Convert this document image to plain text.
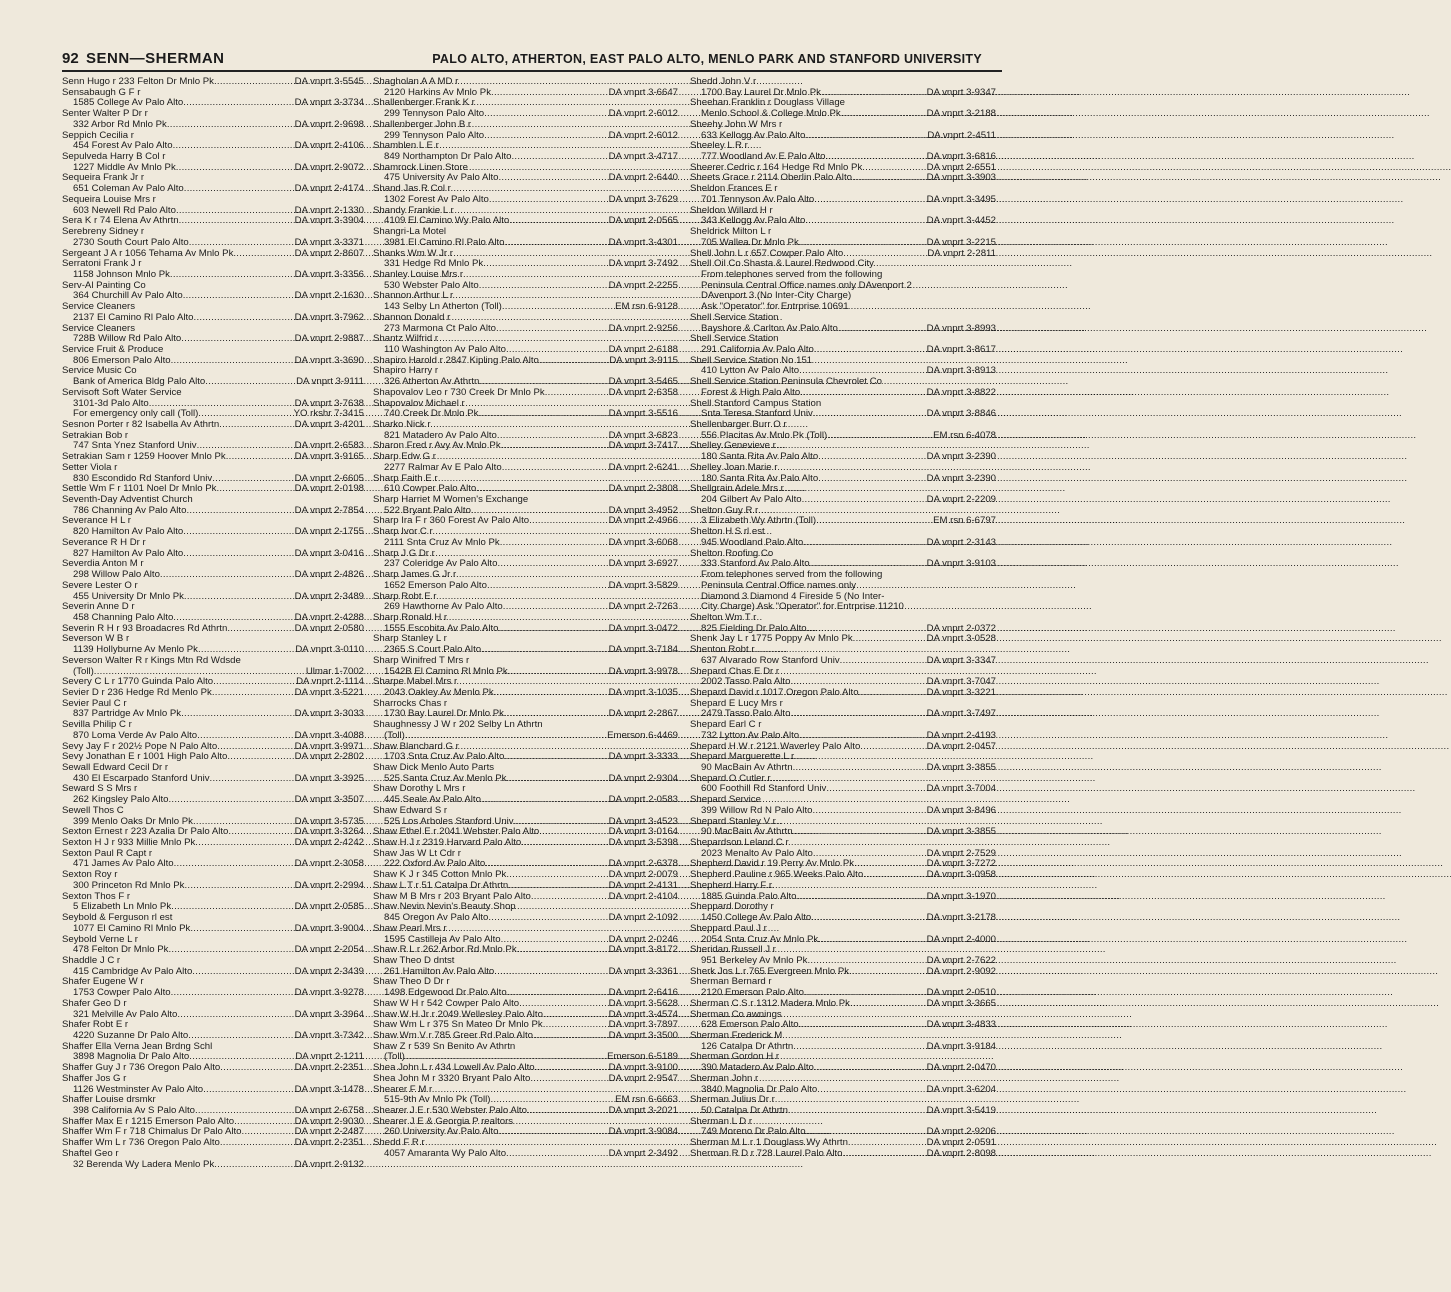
92 SENN—SHERMAN	PALO ALTO, ATHERTON, EAST PALO ALTO, MENLO PARK AND STANFORD UNIVERSITY
Senn Hugo r 233 Felton Dr Mnlo Pk . . .	DA vnprt 3-5545
Sensabaugh G F r
1585 College Av Palo Alto . . .	DA vnprt 3-3734
Senter Walter P Dr r
332 Arbor Rd Mnlo Pk . . .	DA vnprt 2-9698
Seppich Cecilia r
454 Forest Av Palo Alto . . .	DA vnprt 2-4106
Sepulveda Harry B Col r
1227 Middle Av Mnlo Pk . . .	DA vnprt 2-9072
Sequeira Frank Jr r
651 Coleman Av Palo Alto . . .	DA vnprt 2-4174
Sequeira Louise Mrs r
603 Newell Rd Palo Alto . . .	DA vnprt 2-1330
Sera K r 74 Elena Av Athrtn . . .	DA vnprt 3-3904
Serebreny Sidney r
2730 South Court Palo Alto . . .	DA vnprt 3-3371
Sergeant J A r 1056 Tehama Av Mnlo Pk . . .	DA vnprt 2-8607
Serratoni Frank J r
1158 Johnson Mnlo Pk . . .	DA vnprt 3-3356
Serv-Al Painting Co
364 Churchill Av Palo Alto . . .	DA vnprt 2-1630
Service Cleaners
2137 El Camino Rl Palo Alto . . .	DA vnprt 3-7962
Service Cleaners
728B Willow Rd Palo Alto . . .	DA vnprt 2-9887
Service Fruit & Produce
806 Emerson Palo Alto . . .	DA vnprt 3-3690
Service Music Co
Bank of America Bldg Palo Alto . . .	DA vnprt 3-9111
Servisoft Soft Water Service
3101-3d Palo Alto . . .	DA vnprt 3-7638
For emergency only call (Toll) . . .	YO rkshr 7-3415
Sesnon Porter r 82 Isabella Av Athrtn . . .	DA vnprt 3-4201
Setrakian Bob r
747 Snta Ynez Stanford Univ . . .	DA vnprt 2-6583
Setrakian Sam r 1259 Hoover Mnlo Pk . . .	DA vnprt 3-9165
Setter Viola r
830 Escondido Rd Stanford Univ . . .	DA vnprt 2-6605
Settle Wm F r 1101 Noel Dr Mnlo Pk . . .	DA vnprt 2-0198
Seventh-Day Adventist Church
786 Channing Av Palo Alto . . .	DA vnprt 2-7854
Severance H L r
820 Hamilton Av Palo Alto . . .	DA vnprt 2-1755
Severance R H Dr r
827 Hamilton Av Palo Alto . . .	DA vnprt 3-0416
Severdia Anton M r
298 Willow Palo Alto . . .	DA vnprt 2-4826
Severe Lester O r
455 University Dr Mnlo Pk . . .	DA vnprt 2-3489
Severin Anne D r
458 Channing Palo Alto . . .	DA vnprt 2-4288
Severin R H r 93 Broadacres Rd Athrtn . . .	DA vnprt 2-0580
Severson W B r
1139 Hollyburne Av Menlo Pk . . .	DA vnprt 3-0110
Severson Walter R r Kings Mtn Rd Wdsde
(Toll) . . .	Ulmar 1-7002
Severy C L r 1770 Guinda Palo Alto . . .	DA vnprt 2-1114
Sevier D r 236 Hedge Rd Menlo Pk . . .	DA vnprt 3-5221
Sevier Paul C r
837 Partridge Av Mnlo Pk . . .	DA vnprt 3-3033
Sevilla Philip C r
870 Loma Verde Av Palo Alto . . .	DA vnprt 3-4088
Sevy Jay F r 202½ Pope N Palo Alto . . .	DA vnprt 3-9971
Sevy Jonathan E r 1001 High Palo Alto . . .	DA vnprt 2-2802
Sewall Edward Cecil Dr r
430 El Escarpado Stanford Univ . . .	DA vnprt 3-3925
Seward S S Mrs r
262 Kingsley Palo Alto . . .	DA vnprt 3-3507
Sewell Thos C
399 Menlo Oaks Dr Mnlo Pk . . .	DA vnprt 3-5735
Sexton Ernest r 223 Azalia Dr Palo Alto . . .	DA vnprt 3-3264
Sexton H J r 933 Millie Mnlo Pk . . .	DA vnprt 2-4242
Sexton Paul R Capt r
471 James Av Palo Alto . . .	DA vnprt 2-3058
Sexton Roy r
300 Princeton Rd Mnlo Pk . . .	DA vnprt 2-2994
Sexton Thos F r
5 Elizabeth Ln Mnlo Pk . . .	DA vnprt 2-0585
Seybold & Ferguson rl est
1077 El Camino Rl Mnlo Pk . . .	DA vnprt 3-9004
Seybold Verne L r
478 Felton Dr Mnlo Pk . . .	DA vnprt 2-2054
Shaddle J C r
415 Cambridge Av Palo Alto . . .	DA vnprt 2-3439
Shafer Eugene W r
1753 Cowper Palo Alto . . .	DA vnprt 3-9278
Shafer Geo D r
321 Melville Av Palo Alto . . .	DA vnprt 3-3964
Shafer Robt E r
4220 Suzanne Dr Palo Alto . . .	DA vnprt 3-7342
Shaffer Ella Verna Jean Brdng Schl
3898 Magnolia Dr Palo Alto . . .	DA vnprt 2-1211
Shaffer Guy J r 736 Oregon Palo Alto . . .	DA vnprt 2-2351
Shaffer Jos G r
1126 Westminster Av Palo Alto . . .	DA vnprt 3-1478
Shaffer Louise drsmkr
398 California Av S Palo Alto . . .	DA vnprt 2-6758
Shaffer Max E r 1215 Emerson Palo Alto . . .	DA vnprt 2-9030
Shaffer Wm F r 718 Chimalus Dr Palo Alto . . .	DA vnprt 2-2487
Shaffer Wm L r 736 Oregon Palo Alto . . .	DA vnprt 2-2351
Shaftel Geo r
32 Berenda Wy Ladera Menlo Pk . . .	DA vnprt 2-9132
Shagholan A A MD r
2120 Harkins Av Mnlo Pk . . .	DA vnprt 3-6647
Shallenberger Frank K r
299 Tennyson Palo Alto . . .	DA vnprt 2-6012
Shallenberger John B r
299 Tennyson Palo Alto . . .	DA vnprt 2-6012
Shamblen L E r
849 Northampton Dr Palo Alto . . .	DA vnprt 3-4717
Shamrock Linen Store
475 University Av Palo Alto . . .	DA vnprt 2-6440
Shand Jas R Col r
1302 Forest Av Palo Alto . . .	DA vnprt 3-7629
Shandy Frankie L r
4109 El Camino Wy Palo Alto . . .	DA vnprt 2-0565
Shangri-La Motel
3981 El Camino Rl Palo Alto . . .	DA vnprt 3-4301
Shanks Wm W Jr r
331 Hedge Rd Mnlo Pk . . .	DA vnprt 3-7492
Shanley Louise Mrs r
530 Webster Palo Alto . . .	DA vnprt 2-2255
Shannon Arthur L r
143 Selby Ln Atherton (Toll) . . .	EM rsn 6-9128
Shannon Donald r
273 Marmona Ct Palo Alto . . .	DA vnprt 2-9256
Shantz Wilfrid r
110 Washington Av Palo Alto . . .	DA vnprt 2-6188
Shapiro Harold r 2847 Kipling Palo Alto . . .	DA vnprt 3-9115
Shapiro Harry r
326 Atherton Av Athrtn . . .	DA vnprt 3-5465
Shapovalov Leo r 730 Creek Dr Mnlo Pk . . .	DA vnprt 2-6358
Shapovalov Michael r
740 Creek Dr Mnlo Pk . . .	DA vnprt 3-5516
Sharko Nick r
821 Matadero Av Palo Alto . . .	DA vnprt 3-6823
Sharon Fred r Avy Av Mnlo Pk . . .	DA vnprt 3-7417
Sharp Edw G r
2277 Ralmar Av E Palo Alto . . .	DA vnprt 2-6241
Sharp Faith E r
610 Cowper Palo Alto . . .	DA vnprt 2-3808
Sharp Harriet M Women's Exchange
522 Bryant Palo Alto . . .	DA vnprt 3-4952
Sharp Ira F r 360 Forest Av Palo Alto . . .	DA vnprt 2-4966
Sharp Ivor C r
2111 Snta Cruz Av Mnlo Pk . . .	DA vnprt 3-6068
Sharp J G Dr r
237 Coleridge Av Palo Alto . . .	DA vnprt 3-6927
Sharp James G Jr r
1652 Emerson Palo Alto . . .	DA vnprt 3-5829
Sharp Robt E r
269 Hawthorne Av Palo Alto . . .	DA vnprt 2-7263
Sharp Ronald H r
1555 Escobita Av Palo Alto . . .	DA vnprt 3-0472
Sharp Stanley L r
2365 S Court Palo Alto . . .	DA vnprt 3-7184
Sharp Winifred T Mrs r
1542B El Camino Rl Mnlo Pk . . .	DA vnprt 3-9978
Sharpe Mabel Mrs r
2043 Oakley Av Menlo Pk . . .	DA vnprt 3-1035
Sharrocks Chas r
1730 Bay Laurel Dr Mnlo Pk . . .	DA vnprt 2-2867
Shaughnessy J W r 202 Selby Ln Athrtn
(Toll) . . .	Emerson 6-4469
Shaw Blanchard G r
1703 Snta Cruz Av Palo Alto . . .	DA vnprt 3-3333
Shaw Dick Menlo Auto Parts
525 Santa Cruz Av Menlo Pk . . .	DA vnprt 2-9304
Shaw Dorothy L Mrs r
445 Seale Av Palo Alto . . .	DA vnprt 2-0583
Shaw Edward S r
525 Los Arboles Stanford Univ . . .	DA vnprt 3-4523
Shaw Ethel E r 2041 Webster Palo Alto . . .	DA vnprt 3-0164
Shaw H J r 2319 Harvard Palo Alto . . .	DA vnprt 3-5398
Shaw Jas W Lt Cdr r
222 Oxford Av Palo Alto . . .	DA vnprt 2-6378
Shaw K J r 345 Cotton Mnlo Pk . . .	DA vnprt 2-0079
Shaw L T r 51 Catalpa Dr Athrtn . . .	DA vnprt 2-4131
Shaw M B Mrs r 203 Bryant Palo Alto . . .	DA vnprt 2-4104
Shaw Nevin Nevin's Beauty Shop
845 Oregon Av Palo Alto . . .	DA vnprt 2-1092
Shaw Pearl Mrs r
1595 Castilleja Av Palo Alto . . .	DA vnprt 2-0246
Shaw R L r 262 Arbor Rd Mnlo Pk . . .	DA vnprt 3-8172
Shaw Theo D dntst
261 Hamilton Av Palo Alto . . .	DA vnprt 3-3361
Shaw Theo D Dr r
1498 Edgewood Dr Palo Alto . . .	DA vnprt 2-6416
Shaw W H r 542 Cowper Palo Alto . . .	DA vnprt 3-5628
Shaw W H Jr r 2049 Wellesley Palo Alto . . .	DA vnprt 3-4574
Shaw Wm L r 375 Sn Mateo Dr Mnlo Pk . . .	DA vnprt 3-7897
Shaw Wm V r 785 Greer Rd Palo Alto . . .	DA vnprt 3-3500
Shaw Z r 539 Sn Benito Av Athrtn
(Toll) . . .	Emerson 6-5189
Shea John L r 434 Lowell Av Palo Alto . . .	DA vnprt 3-9100
Shea John M r 3320 Bryant Palo Alto . . .	DA vnprt 2-9547
Shearer F M r
515-9th Av Mnlo Pk (Toll) . . .	EM rsn 6-6663
Shearer J E r 530 Webster Palo Alto . . .	DA vnprt 3-2021
Shearer J E & Georgia P realtors
260 University Av Palo Alto . . .	DA vnprt 3-9084
Shedd F R r
4057 Amaranta Wy Palo Alto . . .	DA vnprt 2-3492
Shedd John V r
1700 Bay Laurel Dr Mnlo Pk . . .	DA vnprt 3-9347
Sheehan Franklin r Douglass Village
Menlo School & College Mnlo Pk . . .	DA vnprt 3-2188
Sheehy John W Mrs r
633 Kellogg Av Palo Alto . . .	DA vnprt 2-4511
Sheeley L R r
777 Woodland Av E Palo Alto . . .	DA vnprt 3-6816
Sheerer Cedric r 164 Hedge Rd Mnlo Pk . . .	DA vnprt 2-6551
Sheets Grace r 2114 Oberlin Palo Alto . . .	DA vnprt 3-3903
Sheldon Frances E r
701 Tennyson Av Palo Alto . . .	DA vnprt 3-3495
Sheldon Willard H r
343 Kellogg Av Palo Alto . . .	DA vnprt 3-4452
Sheldrick Milton L r
705 Wallea Dr Mnlo Pk . . .	DA vnprt 3-2215
Shell John L r 657 Cowper Palo Alto . . .	DA vnprt 2-2811
Shell Oil Co Shasta & Laurel Redwood City
From telephones served from the following
Peninsula Central Office names only DAvenport 2
DAvenport 3 (No Inter-City Charge)
Ask "Operator" for Entrprise 10691
Shell Service Station
Bayshore & Carlton Av Palo Alto . . .	DA vnprt 3-8993
Shell Service Station
291 California Av Palo Alto . . .	DA vnprt 3-8617
Shell Service Station No 151
410 Lytton Av Palo Alto . . .	DA vnprt 3-8913
Shell Service Station Peninsula Chevrolet Co
Forest & High Palo Alto . . .	DA vnprt 3-8822
Shell Stanford Campus Station
Snta Teresa Stanford Univ . . .	DA vnprt 3-8846
Shellenbarger Burr O r
556 Placitas Av Mnlo Pk (Toll) . . .	EM rsn 6-4078
Shelley Genevieve r
180 Santa Rita Av Palo Alto . . .	DA vnprt 3-2390
Shelley Joan Marie r
180 Santa Rita Av Palo Alto . . .	DA vnprt 3-2390
Shellgrain Adele Mrs r
204 Gilbert Av Palo Alto . . .	DA vnprt 2-2209
Shelton Guy R r
3 Elizabeth Wy Athrtn (Toll) . . .	EM rsn 6-6797
Shelton H S rl est
945 Woodland Palo Alto . . .	DA vnprt 2-3143
Shelton Roofing Co
333 Stanford Av Palo Alto . . .	DA vnprt 3-9103
From telephones served from the following
Peninsula Central Office names only
Diamond 3 Diamond 4 Fireside 5 (No Inter-
City Charge) Ask "Operator" for Entrprise 11210
Shelton Wm T r
825 Fielding Dr Palo Alto . . .	DA vnprt 2-0372
Shenk Jay L r 1775 Poppy Av Mnlo Pk . . .	DA vnprt 3-0528
Shenton Robt r
637 Alvarado Row Stanford Univ . . .	DA vnprt 3-3347
Shepard Chas E Dr r
2002 Tasso Palo Alto . . .	DA vnprt 3-7047
Shepard David r 1017 Oregon Palo Alto . . .	DA vnprt 3-3221
Shepard E Lucy Mrs r
2479 Tasso Palo Alto . . .	DA vnprt 3-7497
Shepard Earl C r
732 Lytton Av Palo Alto . . .	DA vnprt 2-4193
Shepard H W r 2121 Waverley Palo Alto . . .	DA vnprt 2-0457
Shepard Marguerette L r
90 MacBain Av Athrtn . . .	DA vnprt 3-3855
Shepard O Cutler r
600 Foothill Rd Stanford Univ . . .	DA vnprt 3-7004
Shepard Service
399 Willow Rd N Palo Alto . . .	DA vnprt 3-8496
Shepard Stanley V r
90 MacBain Av Athrtn . . .	DA vnprt 3-3855
Shepardson Leland C r
2023 Menalto Av Palo Alto . . .	DA vnprt 2-7529
Shepherd David r 19 Perry Av Mnlo Pk . . .	DA vnprt 3-7272
Shepherd Pauline r 965 Weeks Palo Alto . . .	DA vnprt 3-0958
Shepherd Harry F r
1885 Guinda Palo Alto . . .	DA vnprt 3-1970
Sheppard Dorothy r
1450 College Av Palo Alto . . .	DA vnprt 3-2178
Sheppard Paul J r
2054 Snta Cruz Av Mnlo Pk . . .	DA vnprt 2-4000
Sheridan Russell J r
951 Berkeley Av Mnlo Pk . . .	DA vnprt 2-7622
Sherk Jos L r 765 Evergreen Mnlo Pk . . .	DA vnprt 2-9092
Sherman Bernard r
2120 Emerson Palo Alto . . .	DA vnprt 2-0510
Sherman C S r 1312 Madera Mnlo Pk . . .	DA vnprt 3-3665
Sherman Co awnings
628 Emerson Palo Alto . . .	DA vnprt 3-4833
Sherman Frederick M
126 Catalpa Dr Athrtn . . .	DA vnprt 3-9184
Sherman Gordon H r
390 Matadero Av Palo Alto . . .	DA vnprt 2-0470
Sherman John r
3840 Magnolia Dr Palo Alto . . .	DA vnprt 3-6204
Sherman Julius Dr r
50 Catalpa Dr Athrtn . . .	DA vnprt 3-5419
Sherman L D r
749 Moreno Dr Palo Alto . . .	DA vnprt 2-9206
Sherman M L r 1 Douglass Wy Athrtn . . .	DA vnprt 2-0591
Sherman R D r 728 Laurel Palo Alto . . .	DA vnprt 2-8098
